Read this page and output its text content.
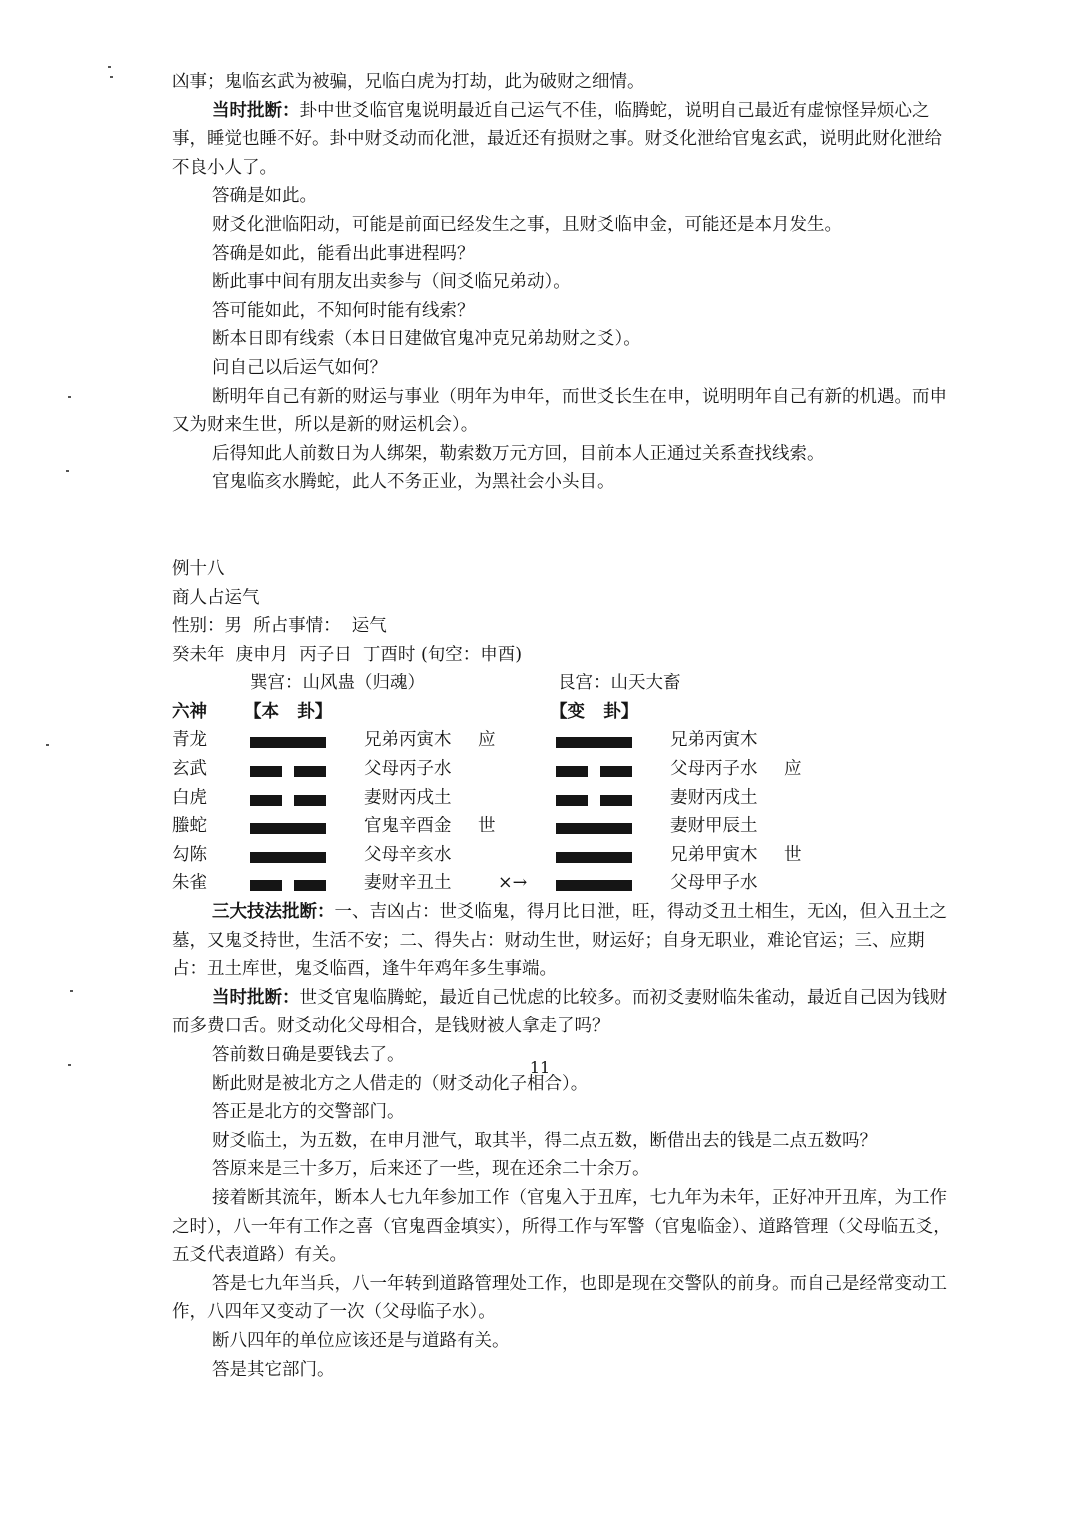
凶事；鬼临玄武为被骗，兄临白虎为打劫，此为破财之细情。

当时批断：卦中世爻临官鬼说明最近自己运气不佳，临腾蛇，说明自己最近有虚惊怪异烦心之事，睡觉也睡不好。卦中财爻动而化泄，最近还有损财之事。财爻化泄给官鬼玄武，说明此财化泄给不良小人了。

答确是如此。

财爻化泄临阳动，可能是前面已经发生之事，且财爻临申金，可能还是本月发生。

答确是如此，能看出此事进程吗？

断此事中间有朋友出卖参与（间爻临兄弟动）。

答可能如此，不知何时能有线索？

断本日即有线索（本日日建做官鬼冲克兄弟劫财之爻）。

问自己以后运气如何？

断明年自己有新的财运与事业（明年为申年，而世爻长生在申，说明明年自己有新的机遇。而申又为财来生世，所以是新的财运机会）。

后得知此人前数日为人绑架，勒索数万元方回，目前本人正通过关系查找线索。

官鬼临亥水腾蛇，此人不务正业，为黑社会小头目。

例十八

商人占运气

性别：男  所占事情：  运气

癸未年  庚申月  丙子日  丁酉时 (旬空：申酉)

巽宫：山风蛊（归魂）	艮宫：山天大畜
六神 【本   卦】	【变   卦】
青龙	兄弟丙寅木 应	兄弟丙寅木
玄武	父母丙子水	父母丙子水 应
白虎	妻财丙戌土	妻财丙戌土
螣蛇	官鬼辛酉金 世	妻财甲辰土
勾陈	父母辛亥水	兄弟甲寅木 世
朱雀	妻财辛丑土	×→	父母甲子水

三大技法批断：一、吉凶占：世爻临鬼，得月比日泄，旺，得动爻丑土相生，无凶，但入丑土之墓，又鬼爻持世，生活不安；二、得失占：财动生世，财运好；自身无职业，难论官运；三、应期占：丑土库世，鬼爻临酉，逢牛年鸡年多生事端。

当时批断：世爻官鬼临腾蛇，最近自己忧虑的比较多。而初爻妻财临朱雀动，最近自己因为钱财而多费口舌。财爻动化父母相合，是钱财被人拿走了吗？

答前数日确是要钱去了。

断此财是被北方之人借走的（财爻动化子相合）。

答正是北方的交警部门。

财爻临土，为五数，在申月泄气，取其半，得二点五数，断借出去的钱是二点五数吗？

答原来是三十多万，后来还了一些，现在还余二十余万。

接着断其流年，断本人七九年参加工作（官鬼入于丑库，七九年为未年，正好冲开丑库，为工作之时），八一年有工作之喜（官鬼酉金填实），所得工作与军警（官鬼临金）、道路管理（父母临五爻，五爻代表道路）有关。

答是七九年当兵，八一年转到道路管理处工作，也即是现在交警队的前身。而自己是经常变动工作，八四年又变动了一次（父母临子水）。

断八四年的单位应该还是与道路有关。

答是其它部门。

11
